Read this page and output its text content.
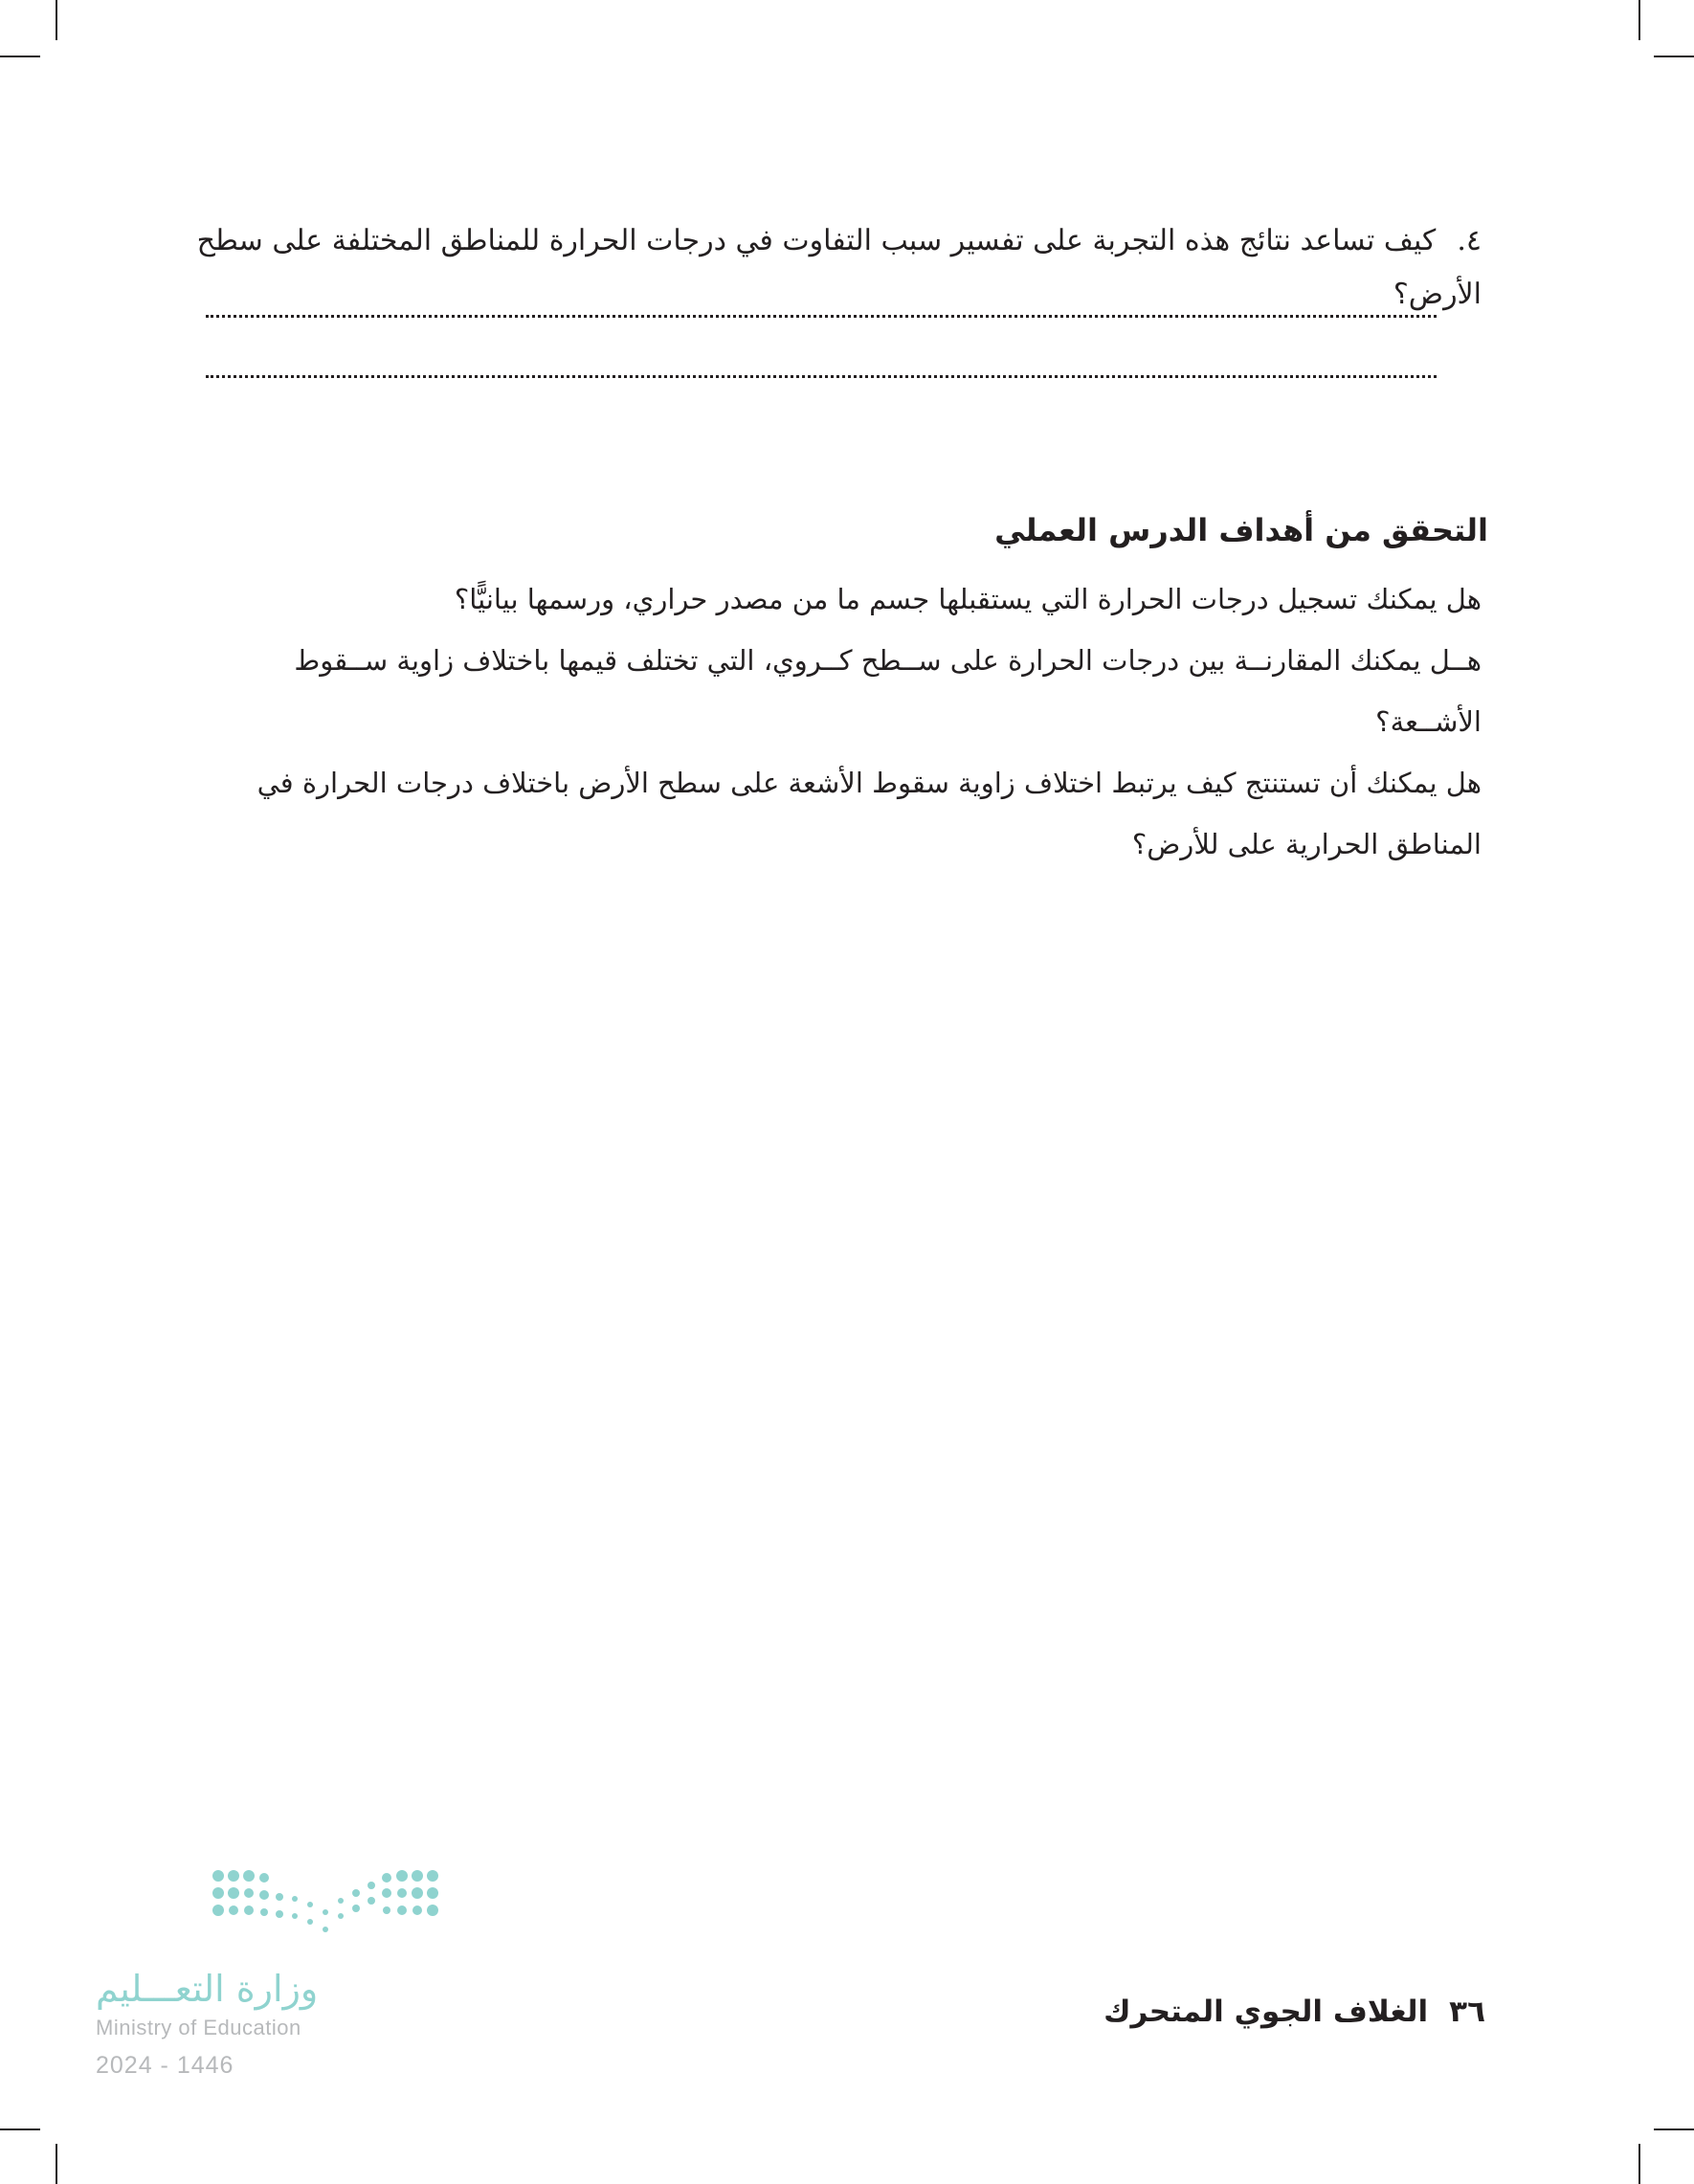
٤.كيف تساعد نتائج هذه التجربة على تفسير سبب التفاوت في درجات الحرارة للمناطق المختلفة على سطح الأرض؟
التحقق من أهداف الدرس العملي
هل يمكنك تسجيل درجات الحرارة التي يستقبلها جسم ما من مصدر حراري، ورسمها بيانيًّا؟
هــل يمكنك المقارنــة بين درجات الحرارة على ســطح كــروي، التي تختلف قيمها باختلاف زاوية ســقوط الأشــعة؟
هل يمكنك أن تستنتج كيف يرتبط اختلاف زاوية سقوط الأشعة على سطح الأرض باختلاف درجات الحرارة في المناطق الحرارية على للأرض؟
٣٦الغلاف الجوي المتحرك
وزارة التعـــليم
Ministry of Education
2024 - 1446
